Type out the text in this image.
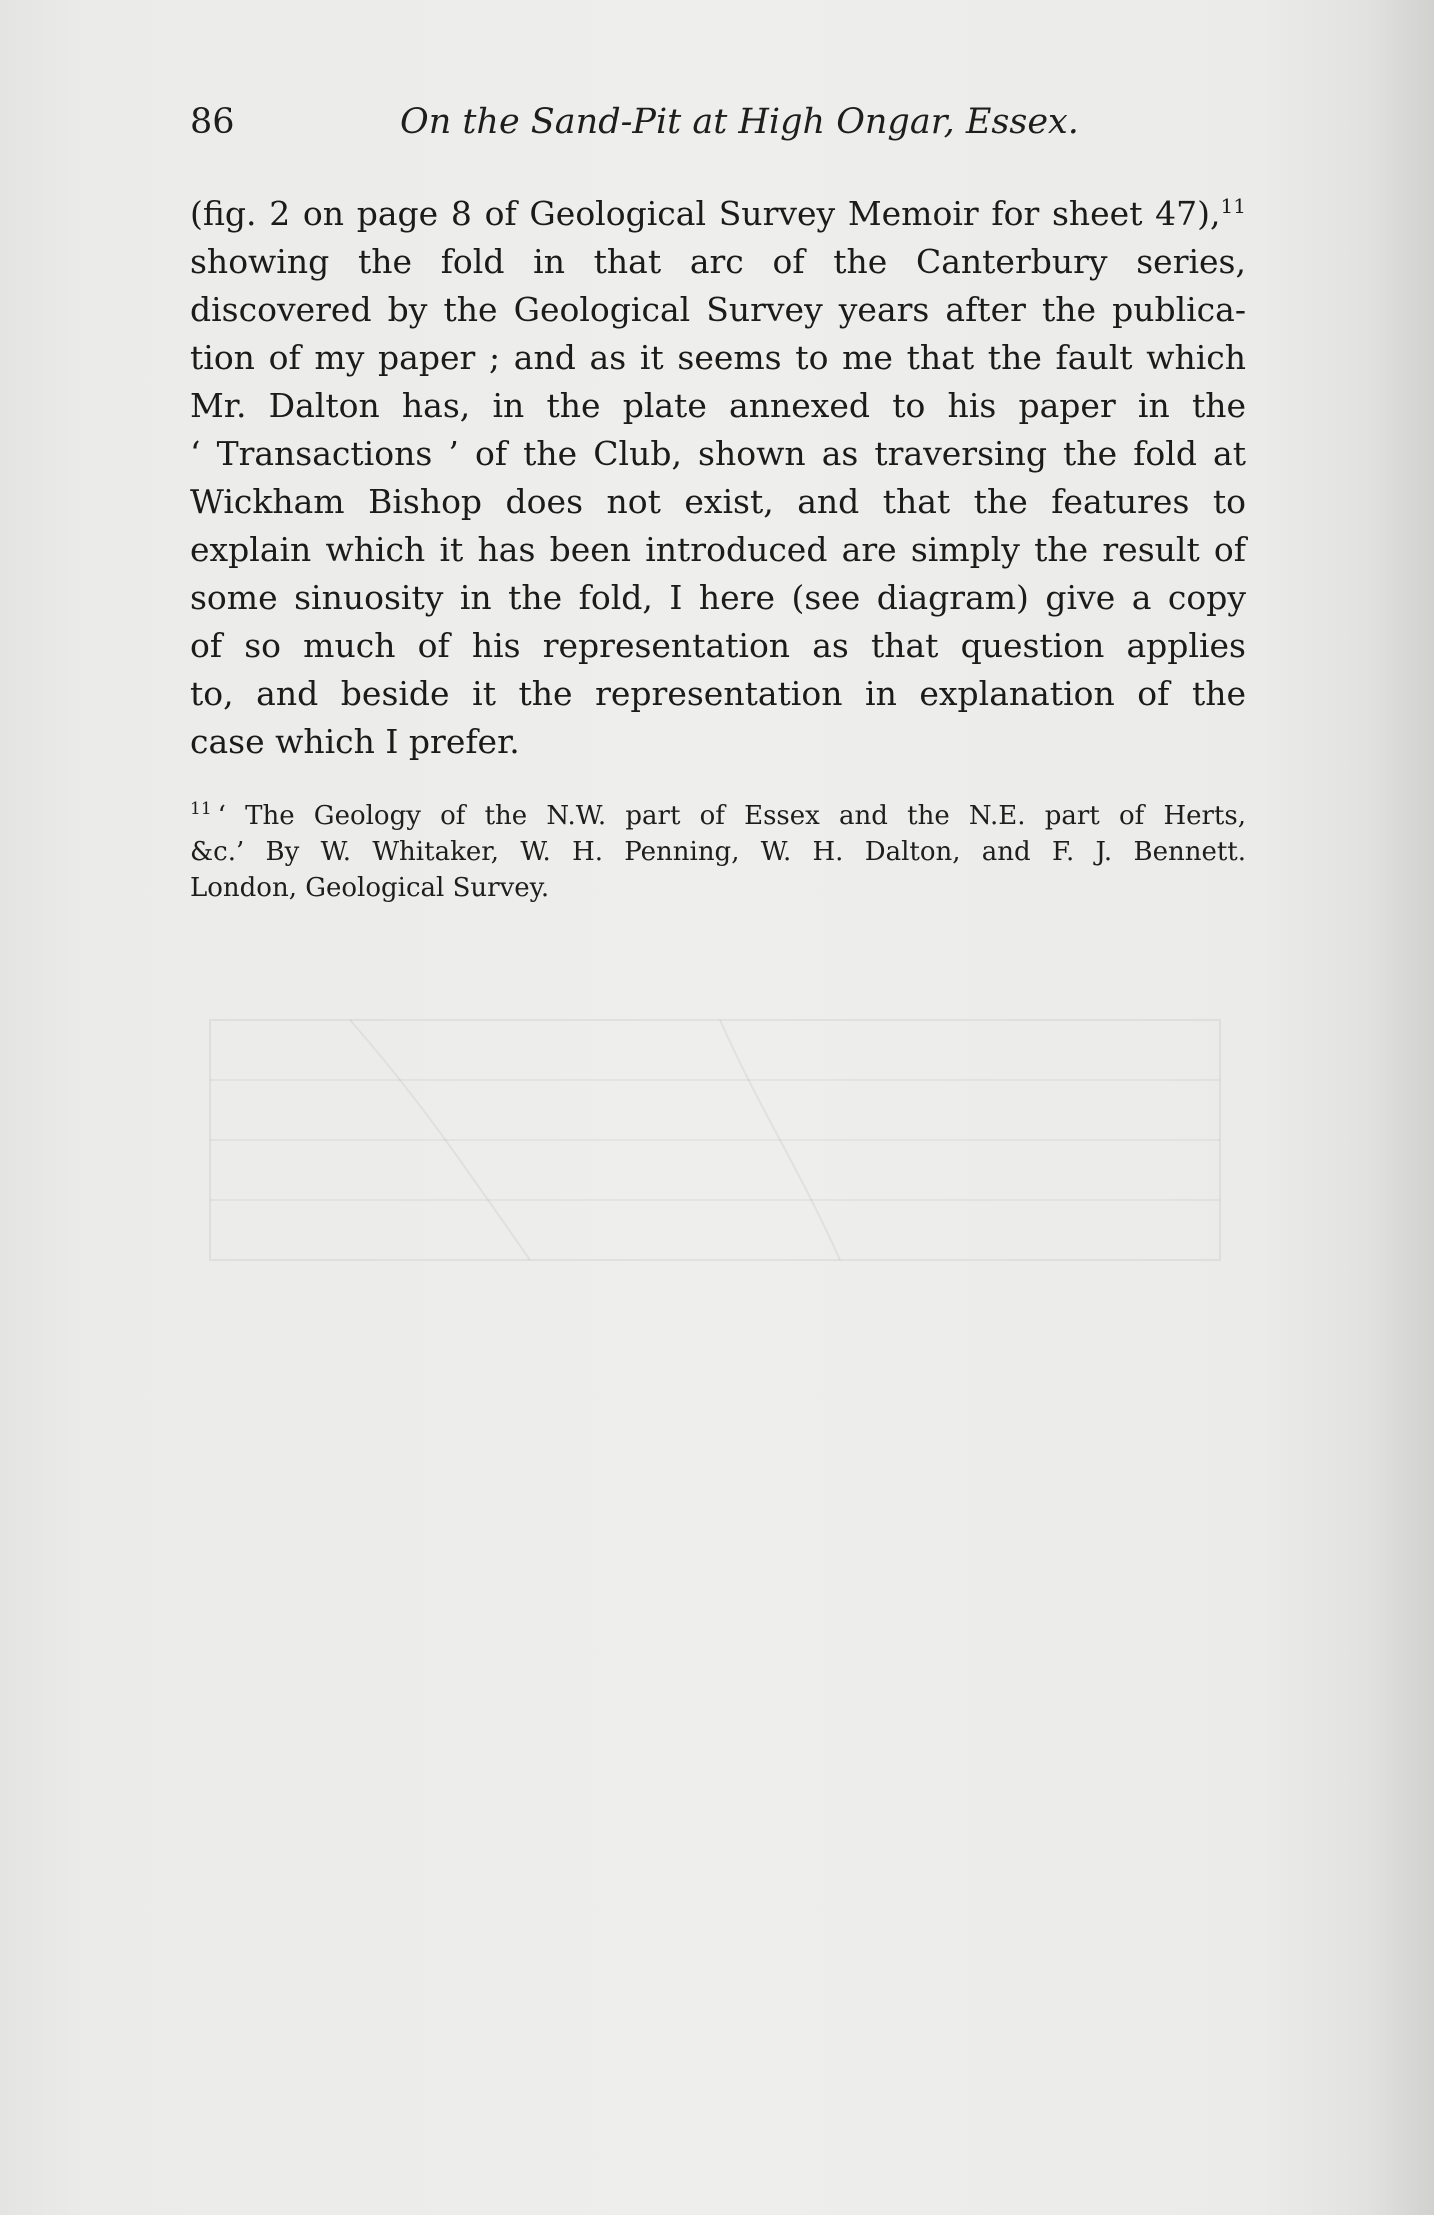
86	On the Sand-Pit at High Ongar, Essex.
(fig. 2 on page 8 of Geological Survey Memoir for sheet 47),$^{11}$
showing the fold in that arc of the Canterbury series,
discovered by the Geological Survey years after the publica-
tion of my paper ; and as it seems to me that the fault which
Mr. Dalton has, in the plate annexed to his paper in the
‘ Transactions ’ of the Club, shown as traversing the fold at
Wickham Bishop does not exist, and that the features to
explain which it has been introduced are simply the result of
some sinuosity in the fold, I here (see diagram) give a copy
of so much of his representation as that question applies
to, and beside it the representation in explanation of the
case which I prefer.
$^{11}$ ‘ The Geology of the N.W. part of Essex and the N.E. part of Herts,
&c.’ By W. Whitaker, W. H. Penning, W. H. Dalton, and F. J. Bennett.
London, Geological Survey.
